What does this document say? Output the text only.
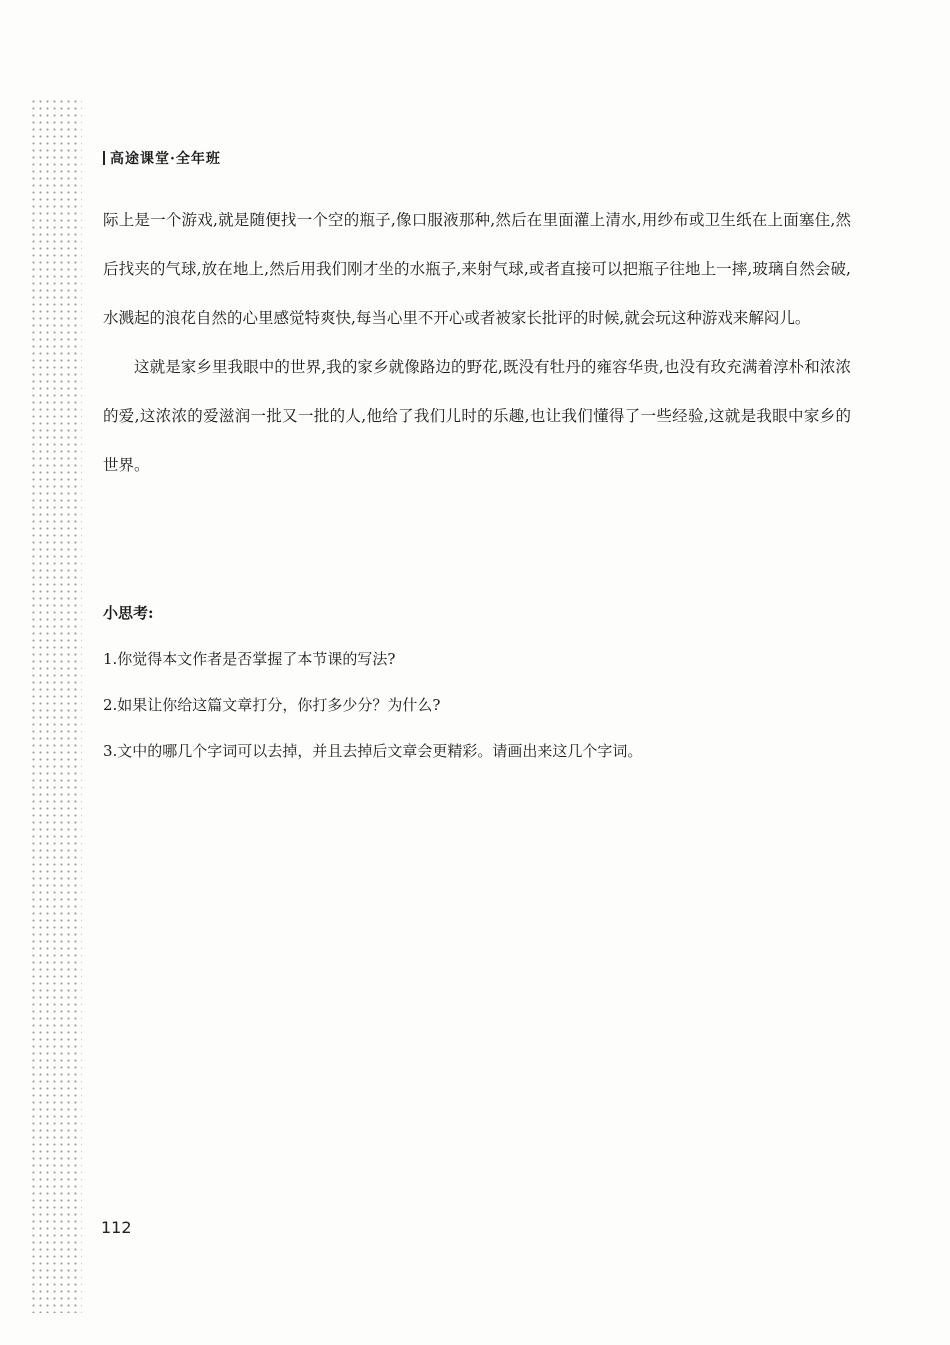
高途课堂·全年班

际上是一个游戏,就是随便找一个空的瓶子,像口服液那种,然后在里面灌上清水,用纱布或卫生纸在上面塞住,然后找夹的气球,放在地上,然后用我们刚才坐的水瓶子,来射气球,或者直接可以把瓶子往地上一摔,玻璃自然会破,水溅起的浪花自然的心里感觉特爽快,每当心里不开心或者被家长批评的时候,就会玩这种游戏来解闷儿。

这就是家乡里我眼中的世界,我的家乡就像路边的野花,既没有牡丹的雍容华贵,也没有玫充满着淳朴和浓浓的爱,这浓浓的爱滋润一批又一批的人,他给了我们儿时的乐趣,也让我们懂得了一些经验,这就是我眼中家乡的世界。

小思考:

1.你觉得本文作者是否掌握了本节课的写法?

2.如果让你给这篇文章打分，你打多少分？为什么?

3.文中的哪几个字词可以去掉，并且去掉后文章会更精彩。请画出来这几个字词。

112
